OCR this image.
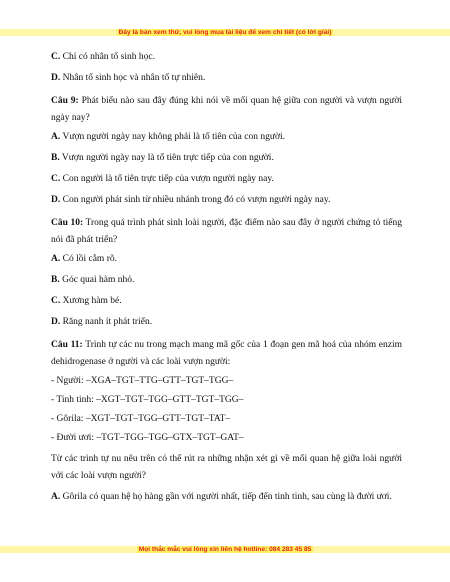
Đây là bản xem thử, vui lòng mua tài liệu để xem chi tiết (có lời giải)

C. Chỉ có nhân tố sinh học.

D. Nhân tố sinh học và nhân tố tự nhiên.

Câu 9: Phát biểu nào sau đây đúng khi nói về mối quan hệ giữa con người và vượn người ngày nay?

A. Vượn người ngày nay không phải là tổ tiên của con người.

B. Vượn người ngày nay là tổ tiên trực tiếp của con người.

C. Con người là tổ tiên trực tiếp của vượn người ngày nay.

D. Con người phát sinh từ nhiều nhánh trong đó có vượn người ngày nay.

Câu 10: Trong quá trình phát sinh loài người, đặc điểm nào sau đây ở người chứng tỏ tiếng nói đã phát triển?

A. Có lồi cằm rõ.

B. Góc quai hàm nhỏ.

C. Xương hàm bé.

D. Răng nanh ít phát triển.

Câu 11: Trình tự các nu trong mạch mang mã gốc của 1 đoạn gen mã hoá của nhóm enzim dehidrogenase ở người và các loài vượn người:

- Người: –XGA–TGT–TTG–GTT–TGT–TGG–

- Tinh tinh: –XGT–TGT–TGG–GTT–TGT–TGG–

- Gôrila: –XGT–TGT–TGG–GTT–TGT–TAT–

- Đười ươi: –TGT–TGG–TGG–GTX–TGT–GAT–

Từ các trình tự nu nêu trên có thể rút ra những nhận xét gì về mối quan hệ giữa loài người với các loài vượn người?

A. Gôrila có quan hệ họ hàng gần với người nhất, tiếp đến tinh tinh, sau cùng là đười ươi.

Mọi thắc mắc vui lòng xin liên hệ hotline: 084 283 45 85
